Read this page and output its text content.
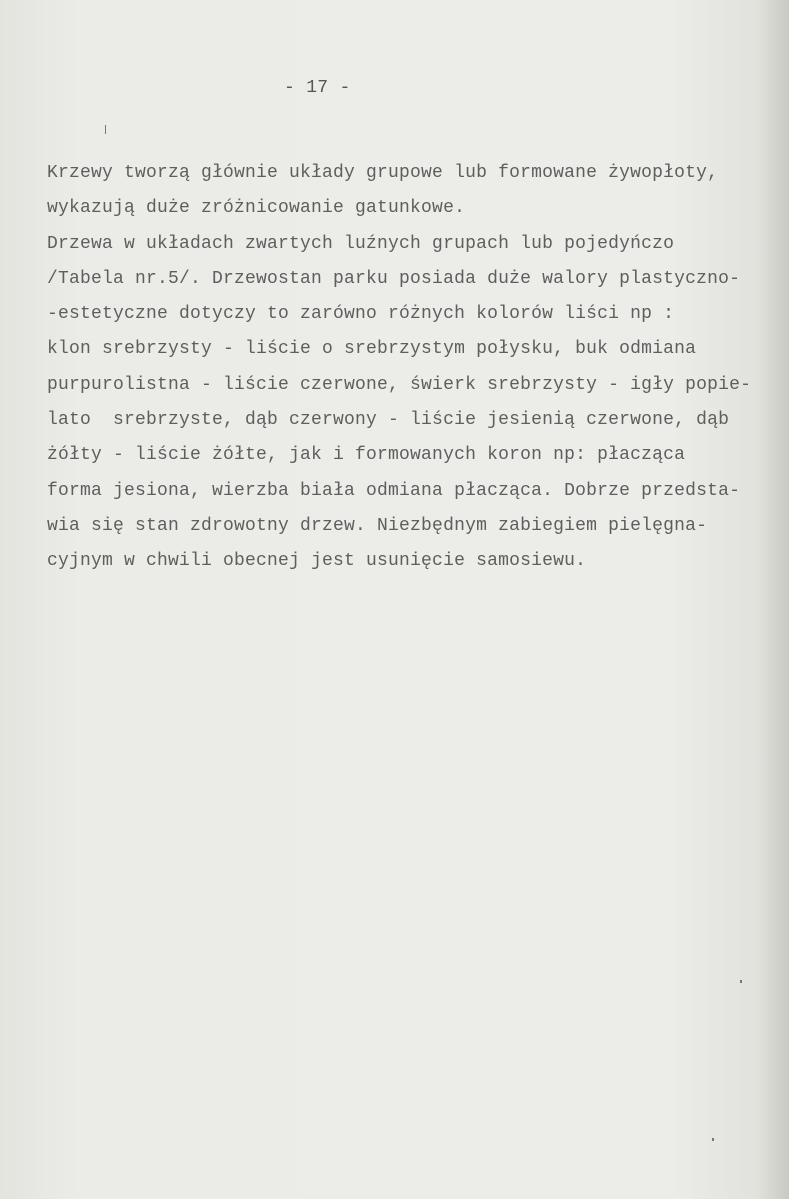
- 17 -
Krzewy tworzą głównie układy grupowe lub formowane żywopłoty,
wykazują duże zróżnicowanie gatunkowe.
Drzewa w układach zwartych luźnych grupach lub pojedyńczo
/Tabela nr.5/. Drzewostan parku posiada duże walory plastyczno-
-estetyczne dotyczy to zarówno różnych kolorów liści np :
klon srebrzysty - liście o srebrzystym połysku, buk odmiana
purpurolistna - liście czerwone, świerk srebrzysty - igły popie-
lato  srebrzyste, dąb czerwony - liście jesienią czerwone, dąb
żółty - liście żółte, jak i formowanych koron np: płacząca
forma jesiona, wierzba biała odmiana płacząca. Dobrze przedsta-
wia się stan zdrowotny drzew. Niezbędnym zabiegiem pielęgna-
cyjnym w chwili obecnej jest usunięcie samosiewu.
